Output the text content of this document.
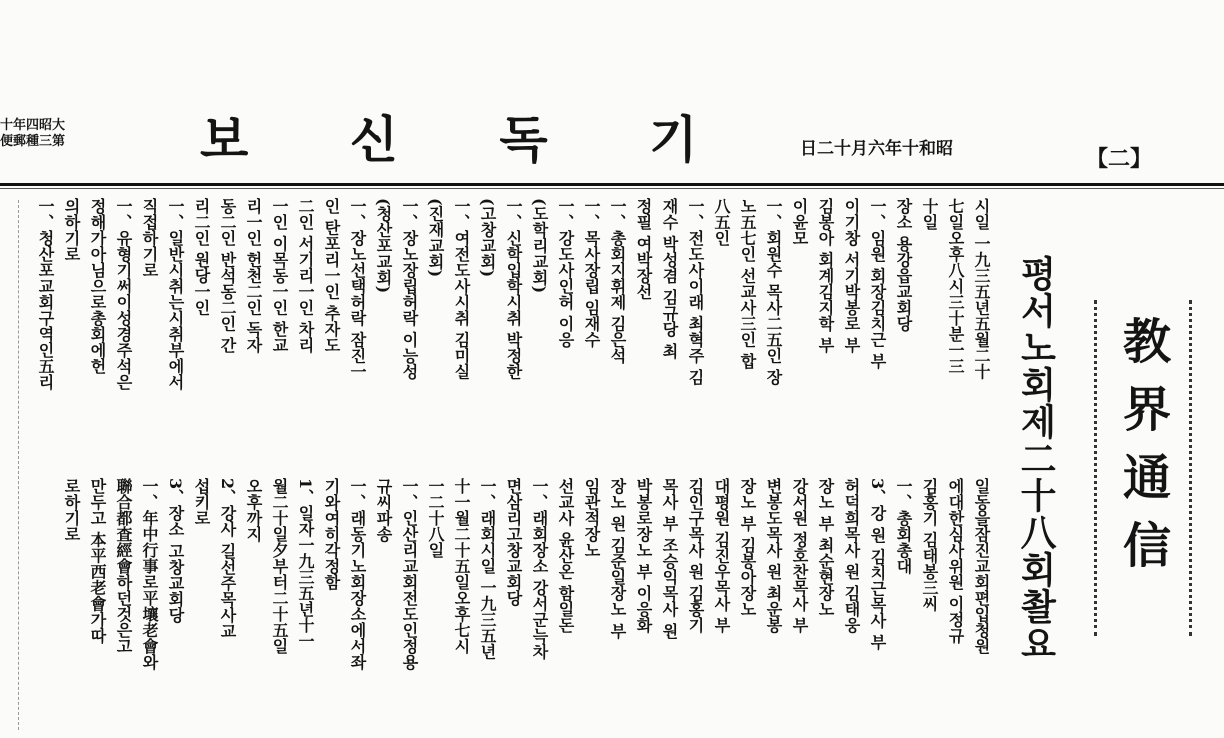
十年四昭大
便郵種三第	보 신 독 기	日二十月六年十和昭	【二】
教界通信
평서노회제二十八회촬요
시일 一九三五년五월二十
七일오후八시三十분一三
十일
장소 용강읍교회당
一、임원 회장김치근 부
이기창 서기박봉로 부
김봉아 회계김지학 부
이윤모
一、회원수 목사二五인 장
노五七인 선교사三인 합
八五인
一、전도사이래 최혁주 김
재수 박성겸 김규당 최
정필 여박장선
一、총회지휘제 김은석
一、목사장립 임재수
一、강도사인허 이응
(도학리교회)
一、신학입학시취 박정한
(고창교회)
一、여전도사시취 김미실
(진재교회)
一、장노장립허락 이능성
(청산포교회)
一、장노선택허락 잠진一
인 탄포리一인 추자도
二인 서기리一인 차리
一인 이목동一인 한교
리一인 헌천二인 독자
동二인 반석동二인 간
리二인 원당一인
一、일반시취는시취부에서
직접하기로
一、유형기써이성경주석은
정해가아님으로총회에헌
의하기로
一、청산포교회구역인五리
일동을잠진교회편입청원
에대한심사위원 이정규
김홍기 김태봉三씨
一、총회총대
3、강 원 김치근목사 부
허덕희목사 원 김태웅
장노 부 최순현장노
강서원 정호찬목사 부
변봉도목사 원 최운봉
장노 부 김봉아장노
대평원 김진우목사 부
김인구목사 원 김홍기
목사 부 조승익목사 원
박봉로장노 부 이응화
장노 원 김준일장노 부
임관적장노
선교사 윤산온 함일돈
一、래회장소 강서군늑차
면삼리고창교회당
一、래회시일 一九三五년
十一월二十五일오후七시
一二十八일
一、인산리교회전도인정용
규씨파송
一、래동기노회장소에서좌
기와여히각정함
1、일자一九三五년十一
월二十일夕부터二十五일
오후까지
2、강사 길선주목사교
섭키로
3、장소 고창교회당
一、年中行事로平壤老會와
聯合都査經會하던것은고
만두고 本平西老會가따
로하기로
